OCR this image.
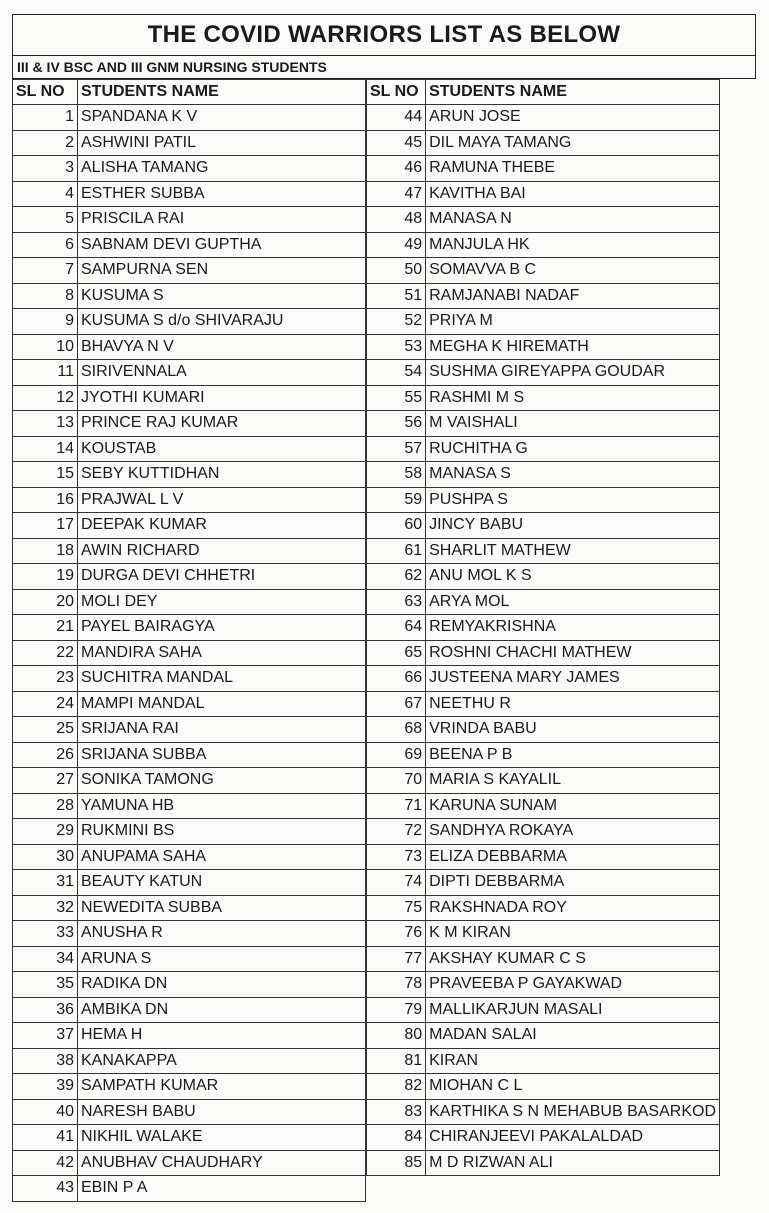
THE COVID WARRIORS LIST AS BELOW
III & IV BSC AND III GNM NURSING STUDENTS
SL NO	STUDENTS NAME
1	SPANDANA K V
2	ASHWINI PATIL
3	ALISHA TAMANG
4	ESTHER SUBBA
5	PRISCILA RAI
6	SABNAM DEVI GUPTHA
7	SAMPURNA SEN
8	KUSUMA S
9	KUSUMA S d/o SHIVARAJU
10	BHAVYA N V
11	SIRIVENNALA
12	JYOTHI KUMARI
13	PRINCE RAJ KUMAR
14	KOUSTAB
15	SEBY KUTTIDHAN
16	PRAJWAL L V
17	DEEPAK KUMAR
18	AWIN RICHARD
19	DURGA DEVI CHHETRI
20	MOLI DEY
21	PAYEL BAIRAGYA
22	MANDIRA SAHA
23	SUCHITRA MANDAL
24	MAMPI MANDAL
25	SRIJANA RAI
26	SRIJANA SUBBA
27	SONIKA TAMONG
28	YAMUNA HB
29	RUKMINI BS
30	ANUPAMA SAHA
31	BEAUTY KATUN
32	NEWEDITA SUBBA
33	ANUSHA R
34	ARUNA S
35	RADIKA DN
36	AMBIKA DN
37	HEMA H
38	KANAKAPPA
39	SAMPATH KUMAR
40	NARESH BABU
41	NIKHIL WALAKE
42	ANUBHAV CHAUDHARY
43	EBIN P A
SL NO	STUDENTS NAME
44	ARUN JOSE
45	DIL MAYA TAMANG
46	RAMUNA THEBE
47	KAVITHA BAI
48	MANASA N
49	MANJULA HK
50	SOMAVVA B C
51	RAMJANABI NADAF
52	PRIYA M
53	MEGHA K HIREMATH
54	SUSHMA GIREYAPPA GOUDAR
55	RASHMI M S
56	M VAISHALI
57	RUCHITHA G
58	MANASA S
59	PUSHPA S
60	JINCY BABU
61	SHARLIT MATHEW
62	ANU MOL K S
63	ARYA MOL
64	REMYAKRISHNA
65	ROSHNI CHACHI MATHEW
66	JUSTEENA MARY JAMES
67	NEETHU R
68	VRINDA BABU
69	BEENA P B
70	MARIA S KAYALIL
71	KARUNA SUNAM
72	SANDHYA ROKAYA
73	ELIZA DEBBARMA
74	DIPTI DEBBARMA
75	RAKSHNADA ROY
76	K M KIRAN
77	AKSHAY KUMAR C S
78	PRAVEEBA P GAYAKWAD
79	MALLIKARJUN MASALI
80	MADAN SALAI
81	KIRAN
82	MIOHAN C L
83	KARTHIKA S N MEHABUB BASARKOD
84	CHIRANJEEVI PAKALALDAD
85	M D RIZWAN ALI
